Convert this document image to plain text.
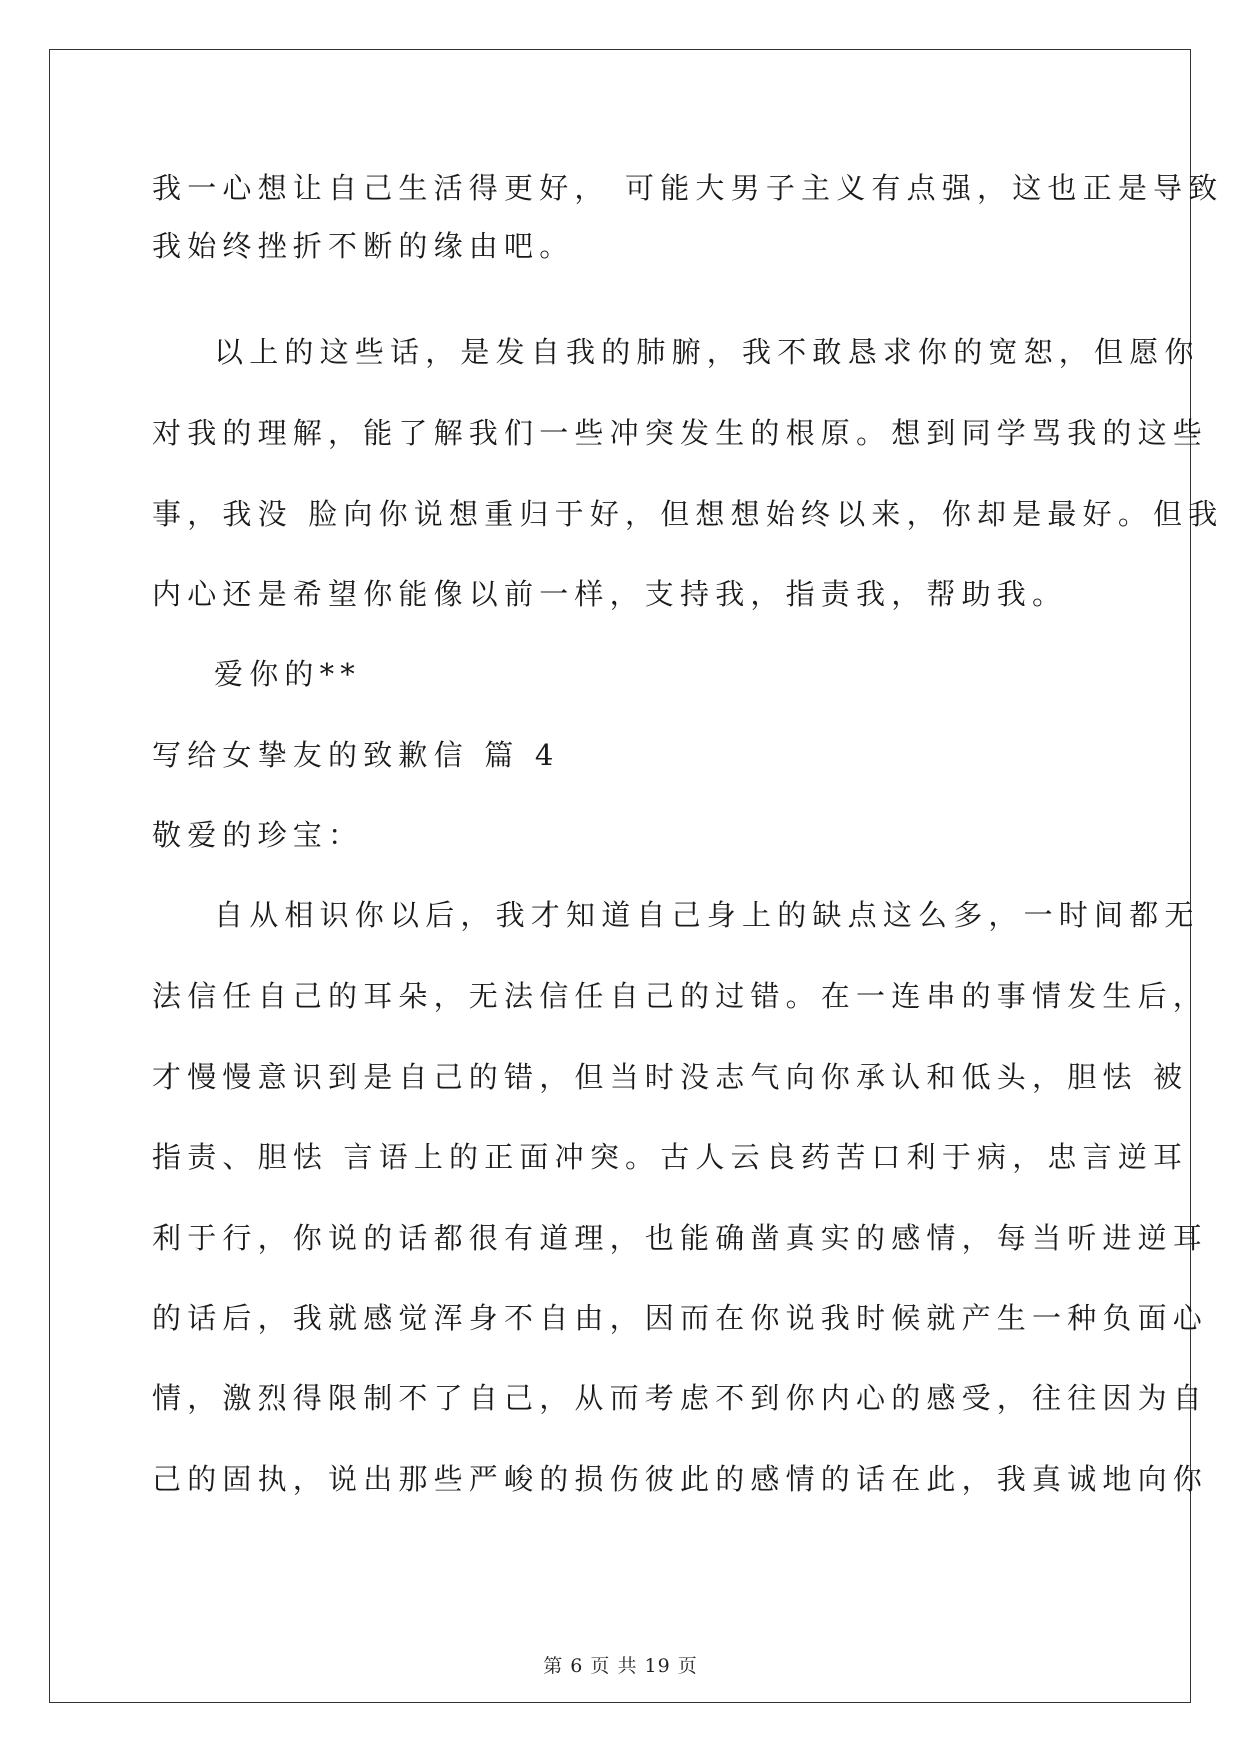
我一心想让自己生活得更好， 可能大男子主义有点强，这也正是导致
我始终挫折不断的缘由吧。
以上的这些话，是发自我的肺腑，我不敢恳求你的宽恕，但愿你
对我的理解，能了解我们一些冲突发生的根原。想到同学骂我的这些
事，我没 脸向你说想重归于好，但想想始终以来，你却是最好。但我
内心还是希望你能像以前一样，支持我，指责我，帮助我。
爱你的**
写给女挚友的致歉信 篇 4
敬爱的珍宝：
自从相识你以后，我才知道自己身上的缺点这么多，一时间都无
法信任自己的耳朵，无法信任自己的过错。在一连串的事情发生后，
才慢慢意识到是自己的错，但当时没志气向你承认和低头，胆怯 被
指责、胆怯 言语上的正面冲突。古人云良药苦口利于病，忠言逆耳
利于行，你说的话都很有道理，也能确凿真实的感情，每当听进逆耳
的话后，我就感觉浑身不自由，因而在你说我时候就产生一种负面心
情，激烈得限制不了自己，从而考虑不到你内心的感受，往往因为自
己的固执，说出那些严峻的损伤彼此的感情的话在此，我真诚地向你
第 6 页 共 19 页
